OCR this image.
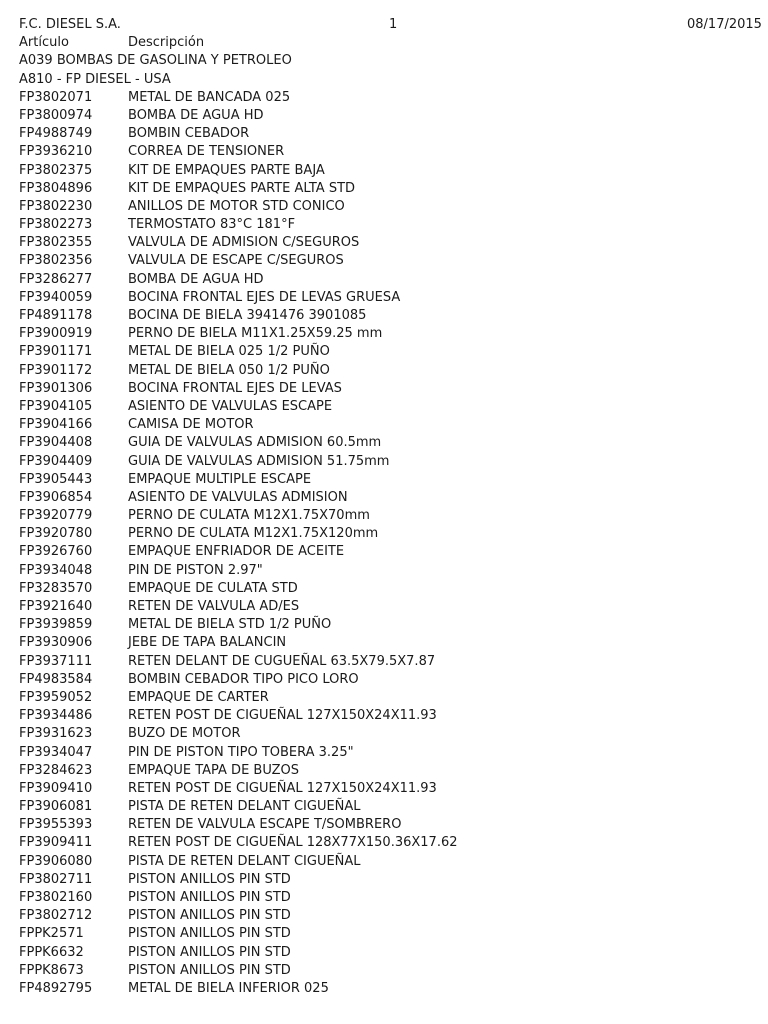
F.C. DIESEL S.A.	1	08/17/2015
Artículo	Descripción
A039 BOMBAS DE GASOLINA Y PETROLEO
A810 - FP DIESEL - USA
FP3802071	METAL DE BANCADA 025
FP3800974	BOMBA DE AGUA HD
FP4988749	BOMBIN CEBADOR
FP3936210	CORREA DE TENSIONER
FP3802375	KIT DE EMPAQUES PARTE BAJA
FP3804896	KIT DE EMPAQUES PARTE ALTA STD
FP3802230	ANILLOS DE MOTOR STD CONICO
FP3802273	TERMOSTATO 83°C 181°F
FP3802355	VALVULA DE ADMISION C/SEGUROS
FP3802356	VALVULA DE ESCAPE C/SEGUROS
FP3286277	BOMBA DE AGUA HD
FP3940059	BOCINA FRONTAL EJES DE LEVAS GRUESA
FP4891178	BOCINA DE BIELA 3941476 3901085
FP3900919	PERNO DE BIELA M11X1.25X59.25 mm
FP3901171	METAL DE BIELA 025 1/2 PUÑO
FP3901172	METAL DE BIELA 050 1/2 PUÑO
FP3901306	BOCINA FRONTAL EJES DE LEVAS
FP3904105	ASIENTO DE VALVULAS ESCAPE
FP3904166	CAMISA DE MOTOR
FP3904408	GUIA DE VALVULAS ADMISION 60.5mm
FP3904409	GUIA DE VALVULAS ADMISION 51.75mm
FP3905443	EMPAQUE MULTIPLE ESCAPE
FP3906854	ASIENTO DE VALVULAS ADMISION
FP3920779	PERNO DE CULATA M12X1.75X70mm
FP3920780	PERNO DE CULATA M12X1.75X120mm
FP3926760	EMPAQUE ENFRIADOR DE ACEITE
FP3934048	PIN DE PISTON 2.97"
FP3283570	EMPAQUE DE CULATA STD
FP3921640	RETEN DE VALVULA AD/ES
FP3939859	METAL DE BIELA STD 1/2 PUÑO
FP3930906	JEBE DE TAPA BALANCIN
FP3937111	RETEN DELANT DE CUGUEÑAL 63.5X79.5X7.87
FP4983584	BOMBIN CEBADOR TIPO PICO LORO
FP3959052	EMPAQUE DE CARTER
FP3934486	RETEN POST DE CIGUEÑAL 127X150X24X11.93
FP3931623	BUZO DE MOTOR
FP3934047	PIN DE PISTON TIPO TOBERA 3.25"
FP3284623	EMPAQUE TAPA DE BUZOS
FP3909410	RETEN POST DE CIGUEÑAL 127X150X24X11.93
FP3906081	PISTA DE RETEN DELANT CIGUEÑAL
FP3955393	RETEN DE VALVULA ESCAPE T/SOMBRERO
FP3909411	RETEN POST DE CIGUEÑAL 128X77X150.36X17.62
FP3906080	PISTA DE RETEN DELANT CIGUEÑAL
FP3802711	PISTON ANILLOS PIN STD
FP3802160	PISTON ANILLOS PIN STD
FP3802712	PISTON ANILLOS PIN STD
FPPK2571	PISTON ANILLOS PIN STD
FPPK6632	PISTON ANILLOS PIN STD
FPPK8673	PISTON ANILLOS PIN STD
FP4892795	METAL DE BIELA INFERIOR 025
